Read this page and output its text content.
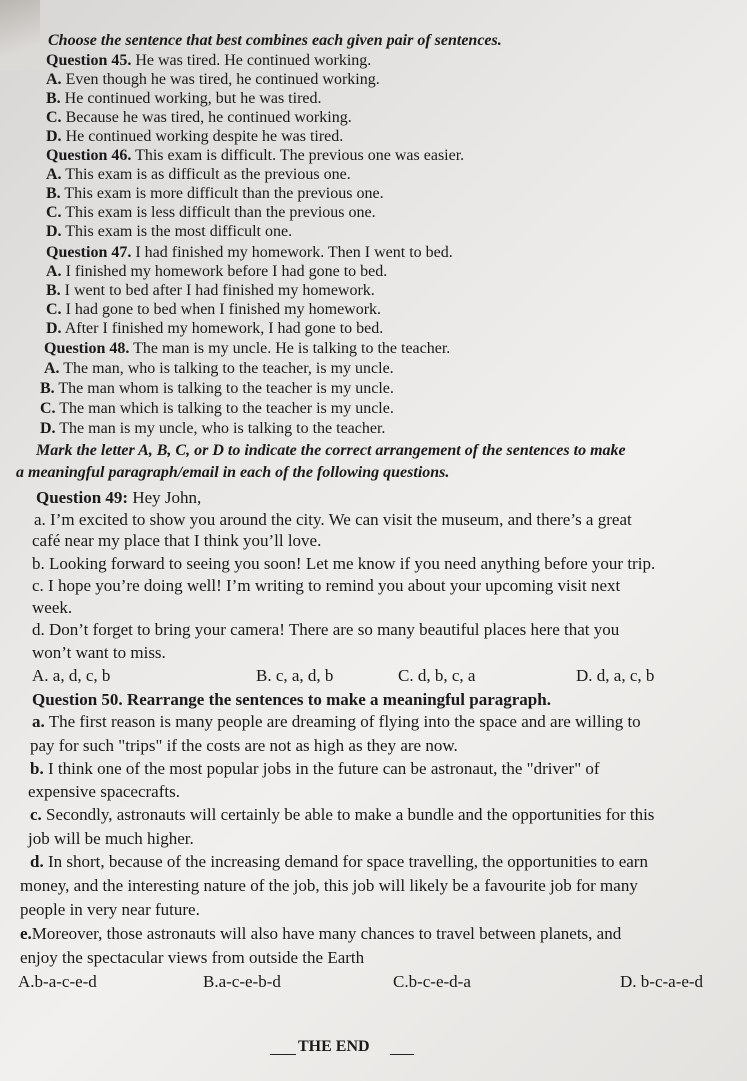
Choose the sentence that best combines each given pair of sentences.
Question 45. He was tired. He continued working.
A. Even though he was tired, he continued working.
B. He continued working, but he was tired.
C. Because he was tired, he continued working.
D. He continued working despite he was tired.
Question 46. This exam is difficult. The previous one was easier.
A. This exam is as difficult as the previous one.
B. This exam is more difficult than the previous one.
C. This exam is less difficult than the previous one.
D. This exam is the most difficult one.
Question 47. I had finished my homework. Then I went to bed.
A. I finished my homework before I had gone to bed.
B. I went to bed after I had finished my homework.
C. I had gone to bed when I finished my homework.
D. After I finished my homework, I had gone to bed.
Question 48. The man is my uncle. He is talking to the teacher.
A. The man, who is talking to the teacher, is my uncle.
B. The man whom is talking to the teacher is my uncle.
C. The man which is talking to the teacher is my uncle.
D. The man is my uncle, who is talking to the teacher.
Mark the letter A, B, C, or D to indicate the correct arrangement of the sentences to make
a meaningful paragraph/email in each of the following questions.
Question 49: Hey John,
a. I’m excited to show you around the city. We can visit the museum, and there’s a great
café near my place that I think you’ll love.
b. Looking forward to seeing you soon! Let me know if you need anything before your trip.
c. I hope you’re doing well! I’m writing to remind you about your upcoming visit next
week.
d. Don’t forget to bring your camera! There are so many beautiful places here that you
won’t want to miss.
A. a, d, c, b	B. c, a, d, b	C. d, b, c, a	D. d, a, c, b
Question 50. Rearrange the sentences to make a meaningful paragraph.
a. The first reason is many people are dreaming of flying into the space and are willing to
pay for such "trips" if the costs are not as high as they are now.
b. I think one of the most popular jobs in the future can be astronaut, the "driver" of
expensive spacecrafts.
c. Secondly, astronauts will certainly be able to make a bundle and the opportunities for this
job will be much higher.
d. In short, because of the increasing demand for space travelling, the opportunities to earn
money, and the interesting nature of the job, this job will likely be a favourite job for many
people in very near future.
e.Moreover, those astronauts will also have many chances to travel between planets, and
enjoy the spectacular views from outside the Earth
A.b-a-c-e-d	B.a-c-e-b-d	C.b-c-e-d-a	D. b-c-a-e-d
THE END
